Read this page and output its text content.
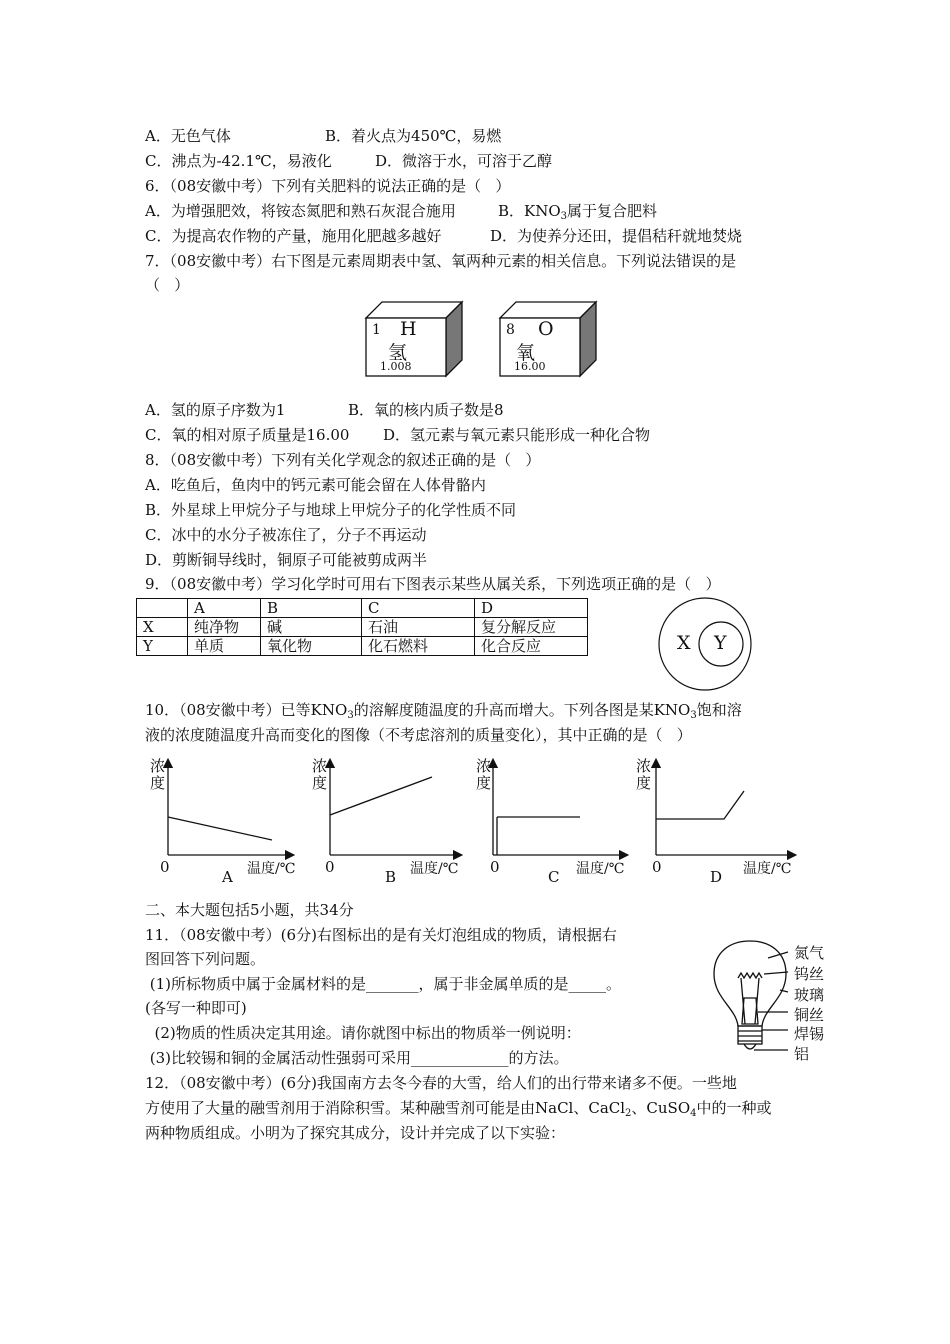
A．无色气体	B．着火点为450℃，易燃
C．沸点为-42.1℃，易液化	D．微溶于水，可溶于乙醇
6．（08安徽中考）下列有关肥料的说法正确的是（   ）
A．为增强肥效，将铵态氮肥和熟石灰混合施用	B．$KNO_3$属于复合肥料
C．为提高农作物的产量，施用化肥越多越好	D．为使养分还田，提倡秸秆就地焚烧
7．（08安徽中考）右下图是元素周期表中氢、氧两种元素的相关信息。下列说法错误的是
（   ）
1 H
氢
1.008
8 O
氧
16.00
A．氢的原子序数为1	B．氧的核内质子数是8
C．氧的相对原子质量是16.00 D．氢元素与氧元素只能形成一种化合物
8．（08安徽中考）下列有关化学观念的叙述正确的是（   ）
A．吃鱼后，鱼肉中的钙元素可能会留在人体骨骼内
B．外星球上甲烷分子与地球上甲烷分子的化学性质不同
C．冰中的水分子被冻住了，分子不再运动
D．剪断铜导线时，铜原子可能被剪成两半
9．（08安徽中考）学习化学时可用右下图表示某些从属关系，下列选项正确的是（   ）
	A	B	C	D
X	纯净物	碱	石油	复分解反应
Y	单质	氧化物	化石燃料	化合反应	X Y
10．（08安徽中考）已等$KNO_3$的溶解度随温度的升高而增大。下列各图是某$KNO_3$饱和溶
液的浓度随温度升高而变化的图像（不考虑溶剂的质量变化），其中正确的是（   ）
浓
度
0
A 温度/℃
浓
度
0
B 温度/℃
浓
度
0
C 温度/℃
浓
度
0
D 温度/℃
二、本大题包括5小题，共34分
11．（08安徽中考）(6分)右图标出的是有关灯泡组成的物质，请根据右
图回答下列问题。
(1)所标物质中属于金属材料的是_______，属于非金属单质的是_____。
(各写一种即可)
(2)物质的性质决定其用途。请你就图中标出的物质举一例说明：
(3)比较锡和铜的金属活动性强弱可采用_____________的方法。
氮气
钨丝
玻璃
铜丝
焊锡
铝
12．（08安徽中考）(6分)我国南方去冬今春的大雪，给人们的出行带来诸多不便。一些地
方使用了大量的融雪剂用于消除积雪。某种融雪剂可能是由NaCl、CaCl$_2$、CuSO$_4$中的一种或
两种物质组成。小明为了探究其成分，设计并完成了以下实验：
